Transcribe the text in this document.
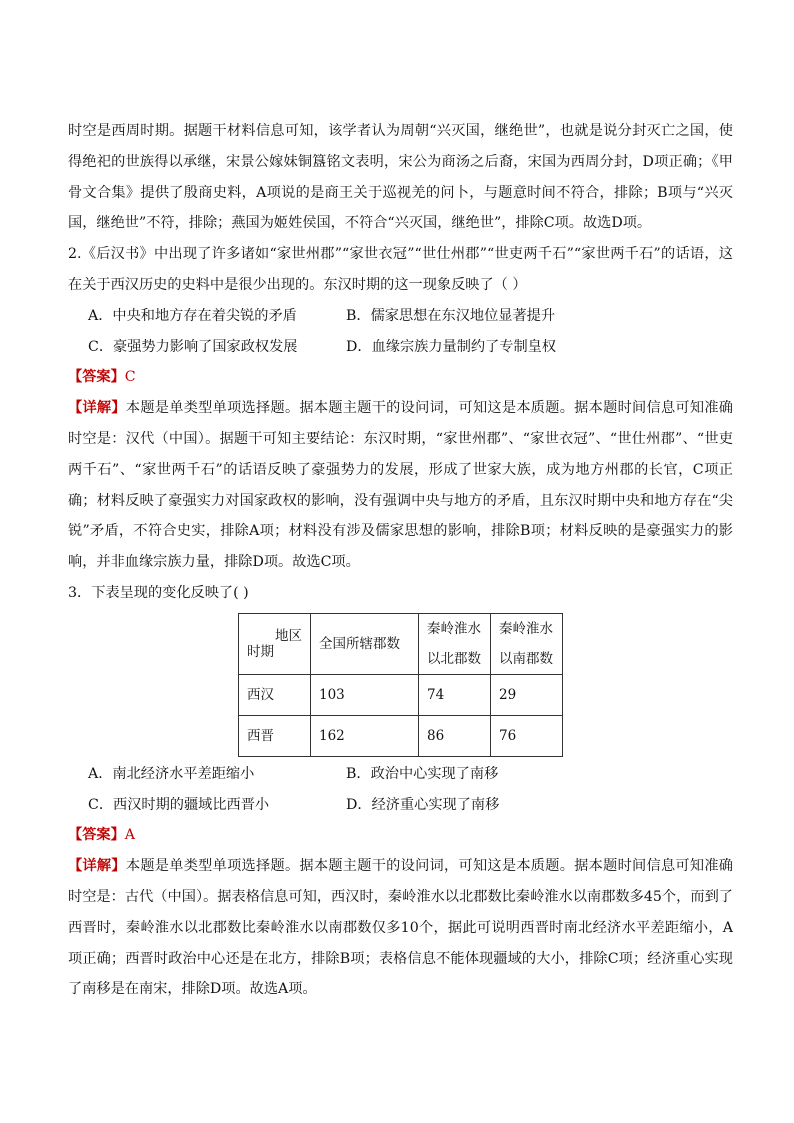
时空是西周时期。据题干材料信息可知，该学者认为周朝“兴灭国，继绝世”，也就是说分封灭亡之国，使得绝祀的世族得以承继，宋景公嫁妹铜簋铭文表明，宋公为商汤之后裔，宋国为西周分封，D项正确；《甲骨文合集》提供了殷商史料，A项说的是商王关于巡视羌的问卜，与题意时间不符合，排除；B项与“兴灭国，继绝世”不符，排除；燕国为姬姓侯国，不符合“兴灭国，继绝世”，排除C项。故选D项。

2.《后汉书》中出现了许多诸如“家世州郡”“家世衣冠”“世仕州郡”“世吏两千石”“家世两千石”的话语，这在关于西汉历史的史料中是很少出现的。东汉时期的这一现象反映了（ ）

A．中央和地方存在着尖锐的矛盾	B．儒家思想在东汉地位显著提升
C．豪强势力影响了国家政权发展	D．血缘宗族力量制约了专制皇权

【答案】C

【详解】本题是单类型单项选择题。据本题主题干的设问词，可知这是本质题。据本题时间信息可知准确时空是：汉代（中国）。据题干可知主要结论：东汉时期，“家世州郡”、“家世衣冠”、“世仕州郡”、“世吏两千石”、“家世两千石”的话语反映了豪强势力的发展，形成了世家大族，成为地方州郡的长官，C项正确；材料反映了豪强实力对国家政权的影响，没有强调中央与地方的矛盾，且东汉时期中央和地方存在“尖锐”矛盾，不符合史实，排除A项；材料没有涉及儒家思想的影响，排除B项；材料反映的是豪强实力的影响，并非血缘宗族力量，排除D项。故选C项。

3．下表呈现的变化反映了( )

地区
时期	全国所辖郡数	秦岭淮水以北郡数	秦岭淮水以南郡数
西汉	103	74	29
西晋	162	86	76
A．南北经济水平差距缩小	B．政治中心实现了南移
C．西汉时期的疆域比西晋小	D．经济重心实现了南移

【答案】A

【详解】本题是单类型单项选择题。据本题主题干的设问词，可知这是本质题。据本题时间信息可知准确时空是：古代（中国）。据表格信息可知，西汉时，秦岭淮水以北郡数比秦岭淮水以南郡数多45个，而到了西晋时，秦岭淮水以北郡数比秦岭淮水以南郡数仅多10个，据此可说明西晋时南北经济水平差距缩小，A项正确；西晋时政治中心还是在北方，排除B项；表格信息不能体现疆域的大小，排除C项；经济重心实现了南移是在南宋，排除D项。故选A项。
